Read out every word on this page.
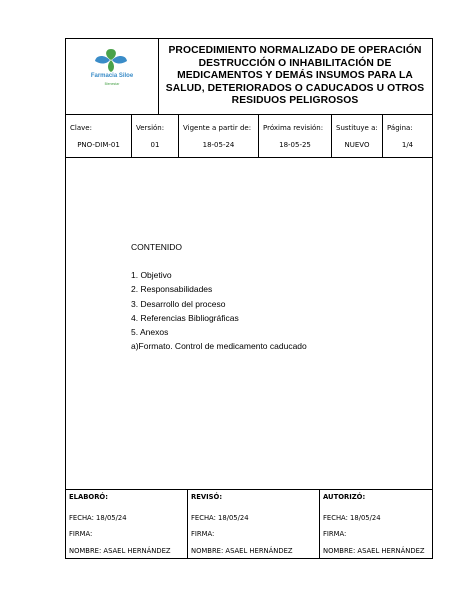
Farmacia Siloe
Bienestar
PROCEDIMIENTO NORMALIZADO DE OPERACIÓN DESTRUCCIÓN O INHABILITACIÓN DE MEDICAMENTOS Y DEMÁS INSUMOS PARA LA SALUD, DETERIORADOS O CADUCADOS U OTROS RESIDUOS PELIGROSOS
Clave:
PNO-DIM-01
Versión:
01
Vigente a partir de:
18-05-24
Próxima revisión:
18-05-25
Sustituye a:
NUEVO
Página:
1/4
CONTENIDO
1. Objetivo
2. Responsabilidades
3. Desarrollo del proceso
4. Referencias Bibliográficas
5. Anexos
a)Formato. Control de medicamento caducado
ELABORÓ:
FECHA: 18/05/24
FIRMA:
NOMBRE: ASAEL HERNÁNDEZ
REVISÓ:
FECHA: 18/05/24
FIRMA:
NOMBRE: ASAEL HERNÁNDEZ
AUTORIZÓ:
FECHA: 18/05/24
FIRMA:
NOMBRE: ASAEL HERNÁNDEZ
